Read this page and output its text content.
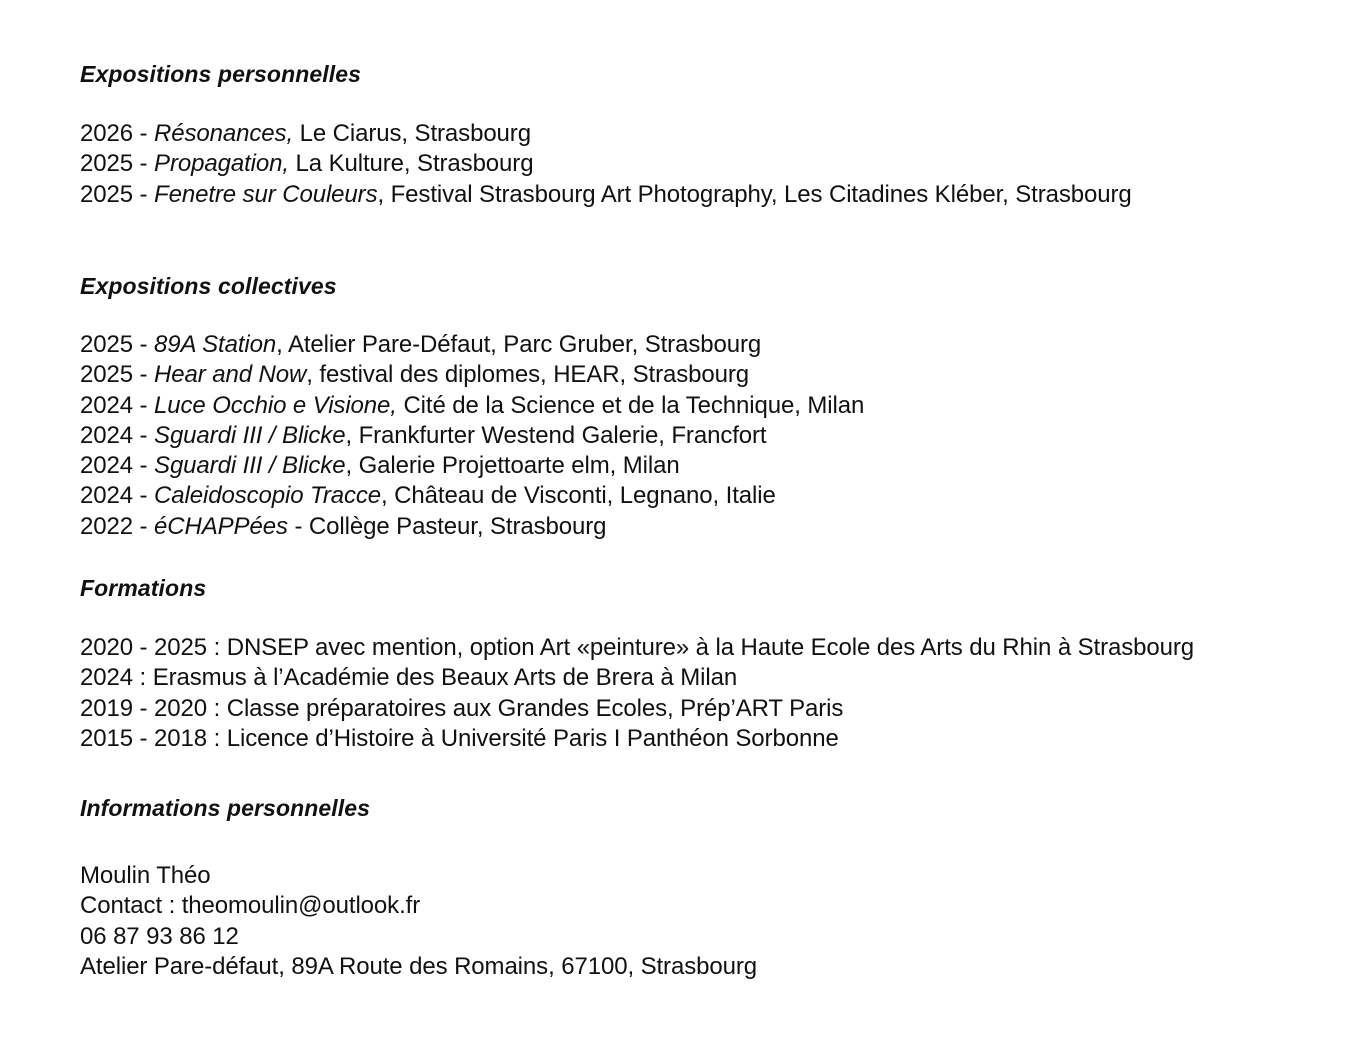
Expositions personnelles
2026 - Résonances, Le Ciarus, Strasbourg
2025 - Propagation, La Kulture, Strasbourg
2025 - Fenetre sur Couleurs, Festival Strasbourg Art Photography, Les Citadines Kléber, Strasbourg
Expositions collectives
2025 - 89A Station, Atelier Pare-Défaut, Parc Gruber, Strasbourg
2025 - Hear and Now, festival des diplomes, HEAR, Strasbourg
2024 - Luce Occhio e Visione, Cité de la Science et de la Technique, Milan
2024 - Sguardi III / Blicke, Frankfurter Westend Galerie, Francfort
2024 - Sguardi III / Blicke, Galerie Projettoarte elm, Milan
2024 - Caleidoscopio Tracce, Château de Visconti, Legnano, Italie
2022 - éCHAPPées - Collège Pasteur, Strasbourg
Formations
2020 - 2025 : DNSEP avec mention, option Art «peinture» à la Haute Ecole des Arts du Rhin à Strasbourg
2024 : Erasmus à l’Académie des Beaux Arts de Brera à Milan
2019 - 2020 : Classe préparatoires aux Grandes Ecoles, Prép’ART Paris
2015 - 2018 : Licence d’Histoire à Université Paris I Panthéon Sorbonne
Informations personnelles
Moulin Théo
Contact : theomoulin@outlook.fr
06 87 93 86 12
Atelier Pare-défaut, 89A Route des Romains, 67100, Strasbourg
